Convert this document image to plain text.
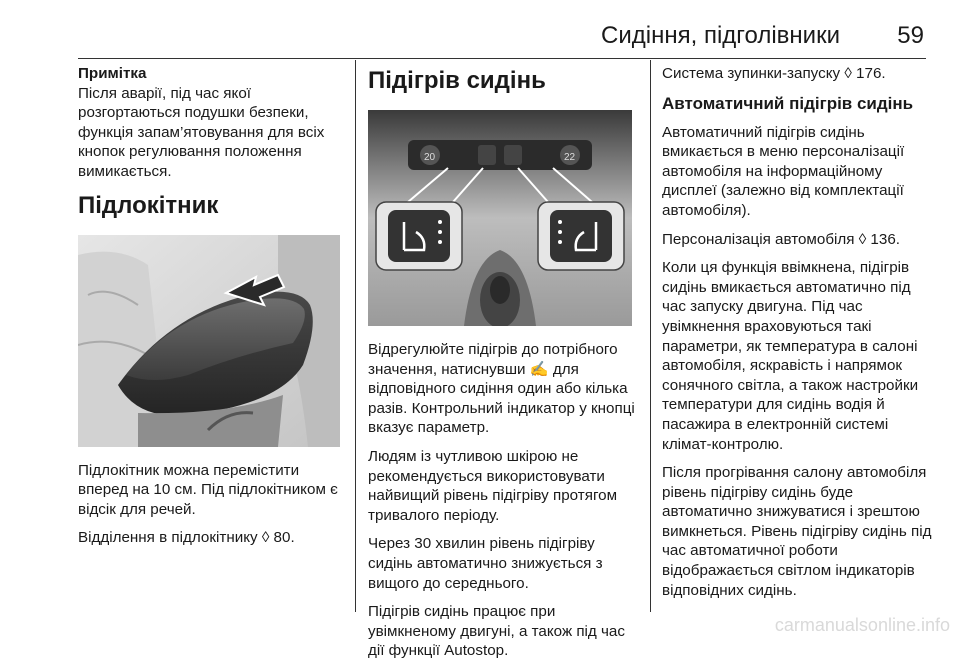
Сидіння, підголівники 59
Примітка

Після аварії, під час якої розгортаються подушки безпеки, функція запам’ятовування для всіх кнопок регулювання положення вимикається.

Підлокітник

Підлокітник можна перемістити вперед на 10 см. Під підлокітником є відсік для речей.

Відділення в підлокітнику ◊ 80.

Підігрів сидінь
20	22

Відрегулюйте підігрів до потрібного значення, натиснувши ✍ для відповідного сидіння один або кілька разів. Контрольний індикатор у кнопці вказує параметр.

Людям із чутливою шкірою не рекомендується використовувати найвищий рівень підігріву протягом тривалого періоду.

Через 30 хвилин рівень підігріву сидінь автоматично знижується з вищого до середнього.

Підігрів сидінь працює при увімкненому двигуні, а також під час дії функції Autostop.

Система зупинки-запуску ◊ 176.

Автоматичний підігрів сидінь

Автоматичний підігрів сидінь вмикається в меню персоналізації автомобіля на інформаційному дисплеї (залежно від комплектації автомобіля).

Персоналізація автомобіля ◊ 136.

Коли ця функція ввімкнена, підігрів сидінь вмикається автоматично під час запуску двигуна. Під час увімкнення враховуються такі параметри, як температура в салоні автомобіля, яскравість і напрямок сонячного світла, а також настройки температури для сидінь водія й пасажира в електронній системі клімат-контролю.

Після прогрівання салону автомобіля рівень підігріву сидінь буде автоматично знижуватися і зрештою вимкнеться. Рівень підігріву сидінь під час автоматичної роботи відображається світлом індикаторів відповідних сидінь.

carmanualsonline.info
